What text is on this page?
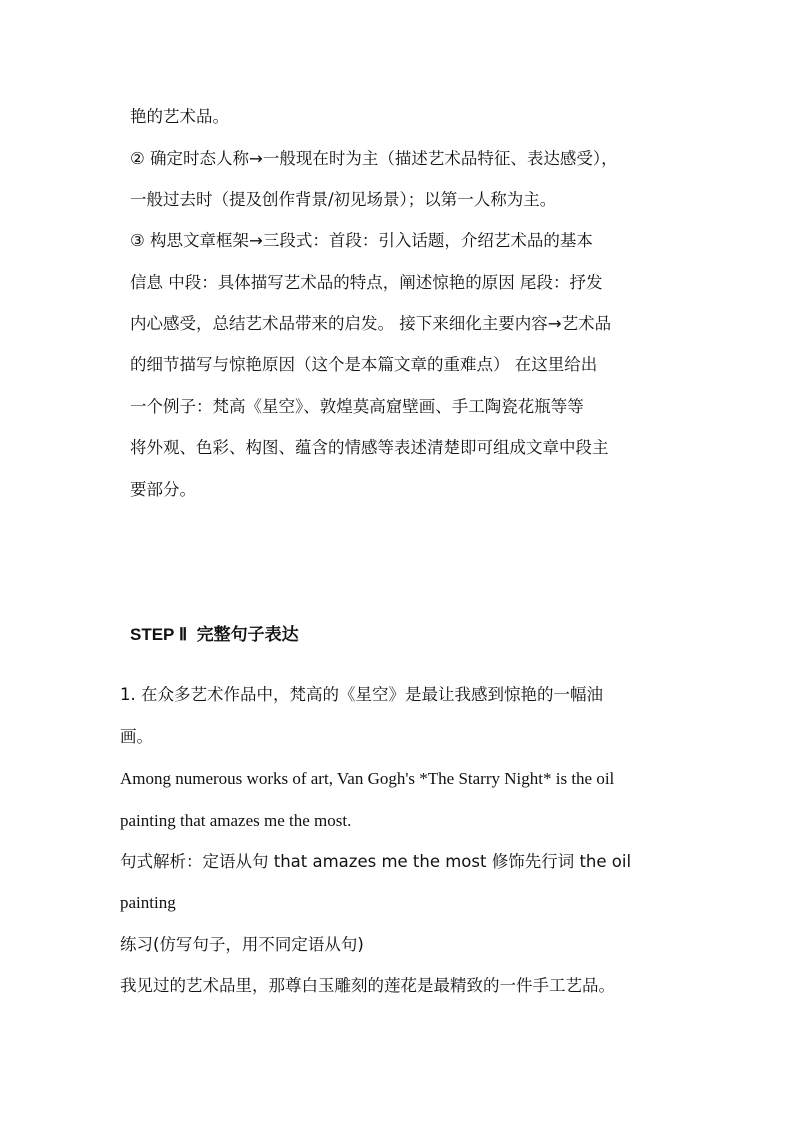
艳的艺术品。
② 确定时态人称→一般现在时为主（描述艺术品特征、表达感受），
一般过去时（提及创作背景/初见场景）；以第一人称为主。
③ 构思文章框架→三段式：首段：引入话题，介绍艺术品的基本
信息 中段：具体描写艺术品的特点，阐述惊艳的原因 尾段：抒发
内心感受，总结艺术品带来的启发。 接下来细化主要内容→艺术品
的细节描写与惊艳原因（这个是本篇文章的重难点） 在这里给出
一个例子：梵高《星空》、敦煌莫高窟壁画、手工陶瓷花瓶等等
将外观、色彩、构图、蕴含的情感等表述清楚即可组成文章中段主
要部分。
STEP Ⅱ 完整句子表达
1. 在众多艺术作品中，梵高的《星空》是最让我感到惊艳的一幅油
画。
Among numerous works of art, Van Gogh's *The Starry Night* is the oil
painting that amazes me the most.
句式解析：定语从句 that amazes me the most 修饰先行词 the oil
painting
练习(仿写句子，用不同定语从句)
我见过的艺术品里，那尊白玉雕刻的莲花是最精致的一件手工艺品。
